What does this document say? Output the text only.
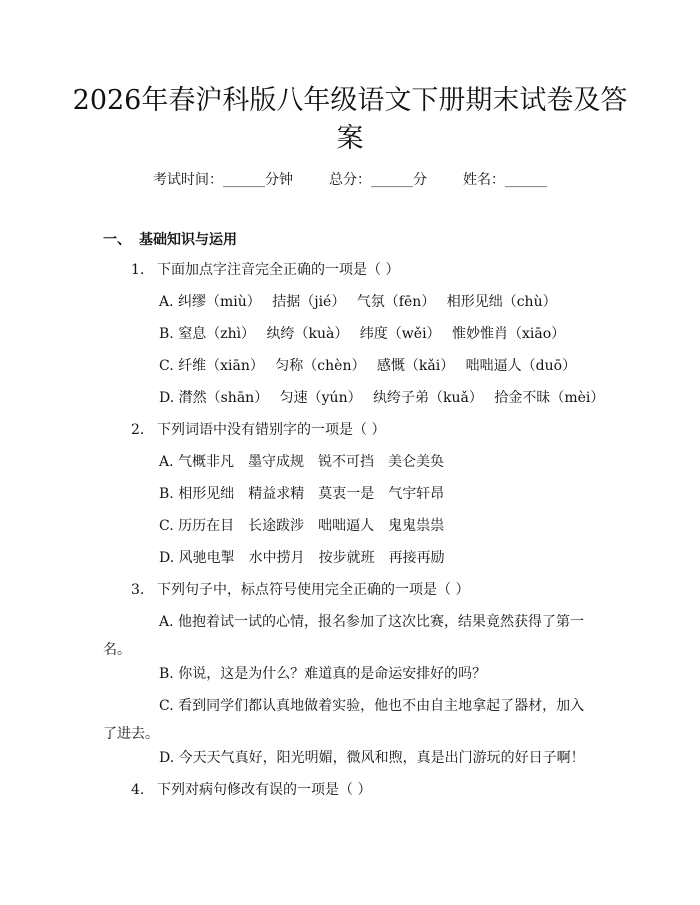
2026年春沪科版八年级语文下册期末试卷及答案
考试时间：______分钟	总分：______分	姓名：______
一、 基础知识与运用
1. 下面加点字注音完全正确的一项是（ ）
A. 纠缪（miù）　 拮据（jié）　 气氛（fēn）　 相形见绌（chù）
B. 窒息（zhì）　 纨绔（kuà）　 纬度（wěi）　 惟妙惟肖（xiāo）
C. 纤维（xiān）　 匀称（chèn）　 感慨（kǎi）　 咄咄逼人（duō）
D. 潸然（shān）　 匀速（yún）　 纨绔子弟（kuǎ）　 拾金不昧（mèi）
2. 下列词语中没有错别字的一项是（ ）
A. 气概非凡　墨守成规　锐不可挡　美仑美奂
B. 相形见绌　精益求精　莫衷一是　气宇轩昂
C. 历历在目　长途跋涉　咄咄逼人　鬼鬼祟祟
D. 风驰电掣　水中捞月　按步就班　再接再励
3. 下列句子中，标点符号使用完全正确的一项是（ ）
A. 他抱着试一试的心情，报名参加了这次比赛，结果竟然获得了第一名。
B. 你说，这是为什么？难道真的是命运安排好的吗？
C. 看到同学们都认真地做着实验，他也不由自主地拿起了器材，加入了进去。
D. 今天天气真好，阳光明媚，微风和煦，真是出门游玩的好日子啊！
4. 下列对病句修改有误的一项是（ ）
